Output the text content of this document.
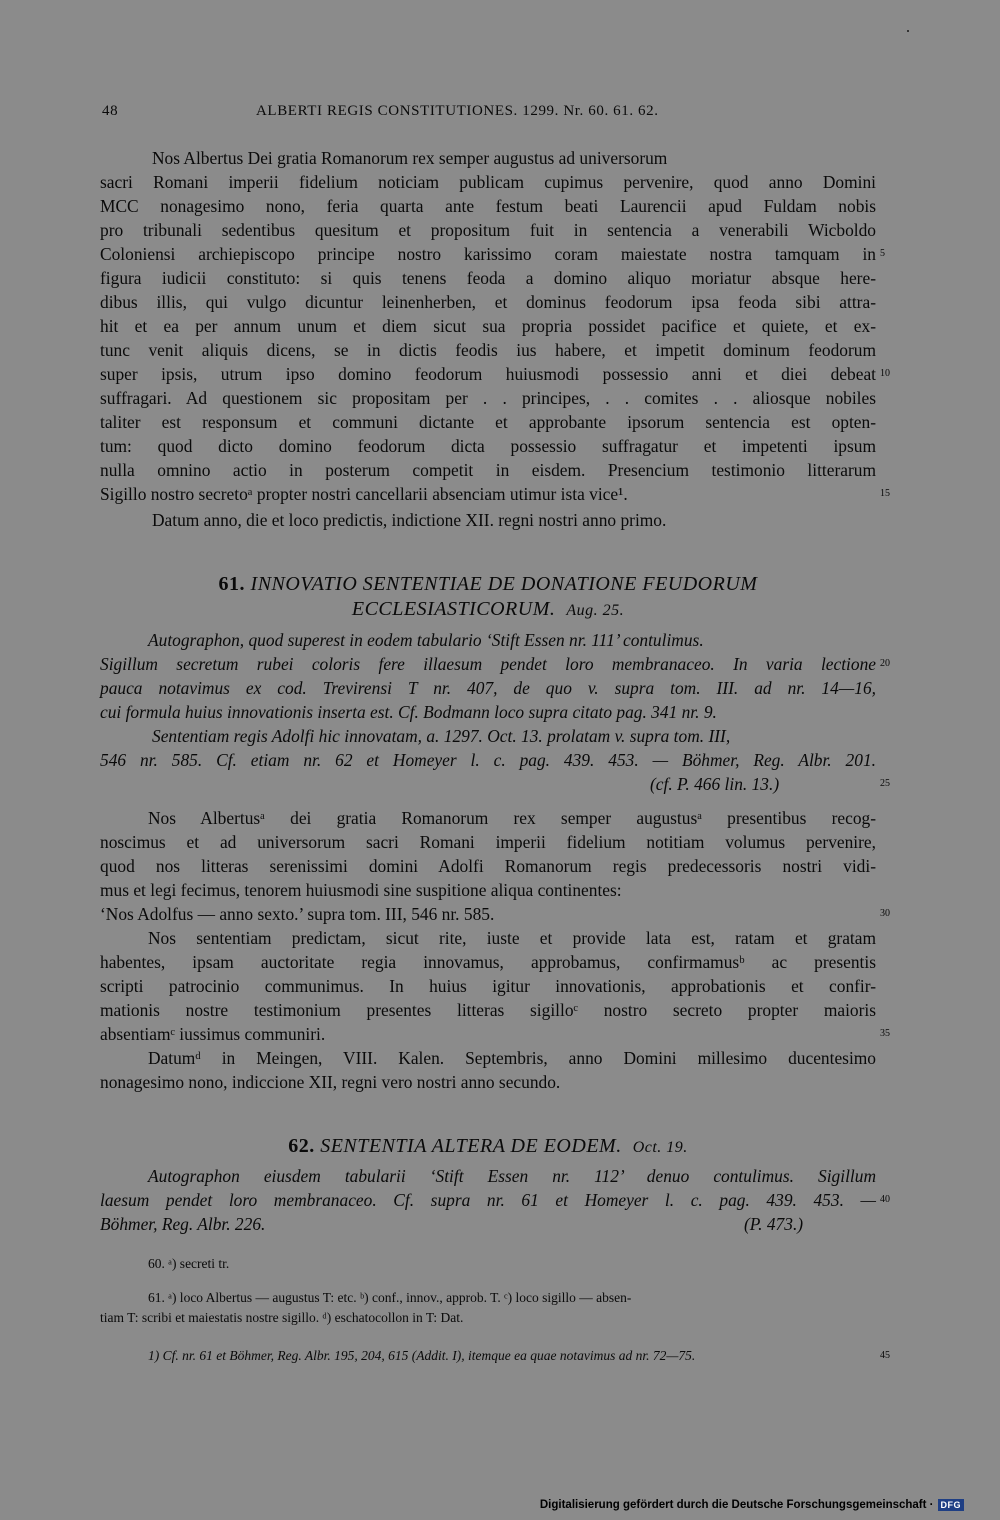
48	ALBERTI REGIS CONSTITUTIONES. 1299. Nr. 60. 61. 62.
Nos Albertus Dei gratia Romanorum rex semper augustus ad universorum
sacri Romani imperii fidelium noticiam publicam cupimus pervenire, quod anno Domini
MCC nonagesimo nono, feria quarta ante festum beati Laurencii apud Fuldam nobis
pro tribunali sedentibus quesitum et propositum fuit in sentencia a venerabili Wicboldo
Coloniensi archiepiscopo principe nostro karissimo coram maiestate nostra tamquam in
figura iudicii constituto: si quis tenens feoda a domino aliquo moriatur absque here-
dibus illis, qui vulgo dicuntur leinenherben, et dominus feodorum ipsa feoda sibi attra-
hit et ea per annum unum et diem sicut sua propria possidet pacifice et quiete, et ex-
tunc venit aliquis dicens, se in dictis feodis ius habere, et impetit dominum feodorum
super ipsis, utrum ipso domino feodorum huiusmodi possessio anni et diei debeat
suffragari. Ad questionem sic propositam per . . principes, . . comites . . aliosque nobiles
taliter est responsum et communi dictante et approbante ipsorum sentencia est opten-
tum: quod dicto domino feodorum dicta possessio suffragatur et impetenti ipsum
nulla omnino actio in posterum competit in eisdem. Presencium testimonio litterarum
Sigillo nostro secretoᵃ propter nostri cancellarii absenciam utimur ista vice¹.
Datum anno, die et loco predictis, indictione XII. regni nostri anno primo.
5
10
15
61. INNOVATIO SENTENTIAE DE DONATIONE FEUDORUM
ECCLESIASTICORUM. Aug. 25.
Autographon, quod superest in eodem tabulario ‘Stift Essen nr. 111’ contulimus.
Sigillum secretum rubei coloris fere illaesum pendet loro membranaceo. In varia lectione
pauca notavimus ex cod. Trevirensi T nr. 407, de quo v. supra tom. III. ad nr. 14—16,
cui formula huius innovationis inserta est. Cf. Bodmann loco supra citato pag. 341 nr. 9.
Sententiam regis Adolfi hic innovatam, a. 1297. Oct. 13. prolatam v. supra tom. III,
546 nr. 585. Cf. etiam nr. 62 et Homeyer l. c. pag. 439. 453. — Böhmer, Reg. Albr. 201.
(cf. P. 466 lin. 13.)
20
25
Nos Albertusᵃ dei gratia Romanorum rex semper augustusᵃ presentibus recog-
noscimus et ad universorum sacri Romani imperii fidelium notitiam volumus pervenire,
quod nos litteras serenissimi domini Adolfi Romanorum regis predecessoris nostri vidi-
mus et legi fecimus, tenorem huiusmodi sine suspitione aliqua continentes:
‘Nos Adolfus — anno sexto.’ supra tom. III, 546 nr. 585.
Nos sententiam predictam, sicut rite, iuste et provide lata est, ratam et gratam
habentes, ipsam auctoritate regia innovamus, approbamus, confirmamusᵇ ac presentis
scripti patrocinio communimus. In huius igitur innovationis, approbationis et confir-
mationis nostre testimonium presentes litteras sigilloᶜ nostro secreto propter maioris
absentiamᶜ iussimus communiri.
Datumᵈ in Meingen, VIII. Kalen. Septembris, anno Domini millesimo ducentesimo
nonagesimo nono, indiccione XII, regni vero nostri anno secundo.
30
35
62. SENTENTIA ALTERA DE EODEM. Oct. 19.
Autographon eiusdem tabularii ‘Stift Essen nr. 112’ denuo contulimus. Sigillum
laesum pendet loro membranaceo. Cf. supra nr. 61 et Homeyer l. c. pag. 439. 453. —
Böhmer, Reg. Albr. 226.	(P. 473.)
40
60. ᵃ) secreti tr.
61. ᵃ) loco Albertus — augustus T: etc. ᵇ) conf., innov., approb. T. ᶜ) loco sigillo — absen-
tiam T: scribi et maiestatis nostre sigillo. ᵈ) eschatocollon in T: Dat.
1) Cf. nr. 61 et Böhmer, Reg. Albr. 195, 204, 615 (Addit. I), itemque ea quae notavimus ad nr. 72—75.	45
Digitalisierung gefördert durch die Deutsche Forschungsgemeinschaft · DFG
